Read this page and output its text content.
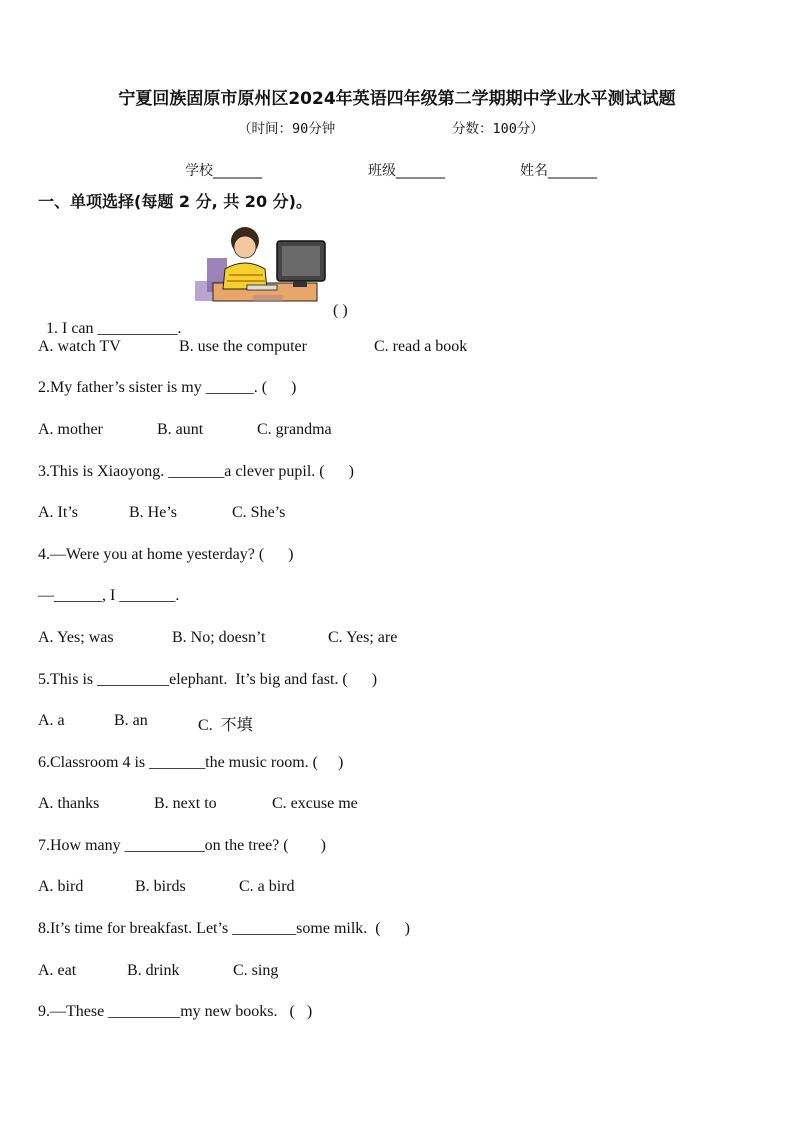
宁夏回族固原市原州区2024年英语四年级第二学期期中学业水平测试试题
（时间：90分钟	分数：100分）
学校_______	班级_______	姓名_______
一、单项选择(每题 2 分, 共 20 分)。

1. I can __________.

( )

A. watch TV

	B. use the computer

	C. read a book

2.My father’s sister is my ______. (      )

A. mother

	B. aunt

	C. grandma

3.This is Xiaoyong. _______a clever pupil. (      )

A. It’s

	B. He’s

	C. She’s

4.—Were you at home yesterday? (      )
—______, I _______.

A. Yes; was

	B. No; doesn’t

	C. Yes; are

5.This is _________elephant.  It’s big and fast. (      )

A. a

	B. an

	C.  不填

6.Classroom 4 is _______the music room. (     )

A. thanks

	B. next to

	C. excuse me

7.How many __________on the tree? (        )

A. bird

	B. birds

	C. a bird

8.It’s time for breakfast. Let’s ________some milk.  (      )

A. eat

	B. drink

	C. sing

9.—These _________my new books.   (   )
